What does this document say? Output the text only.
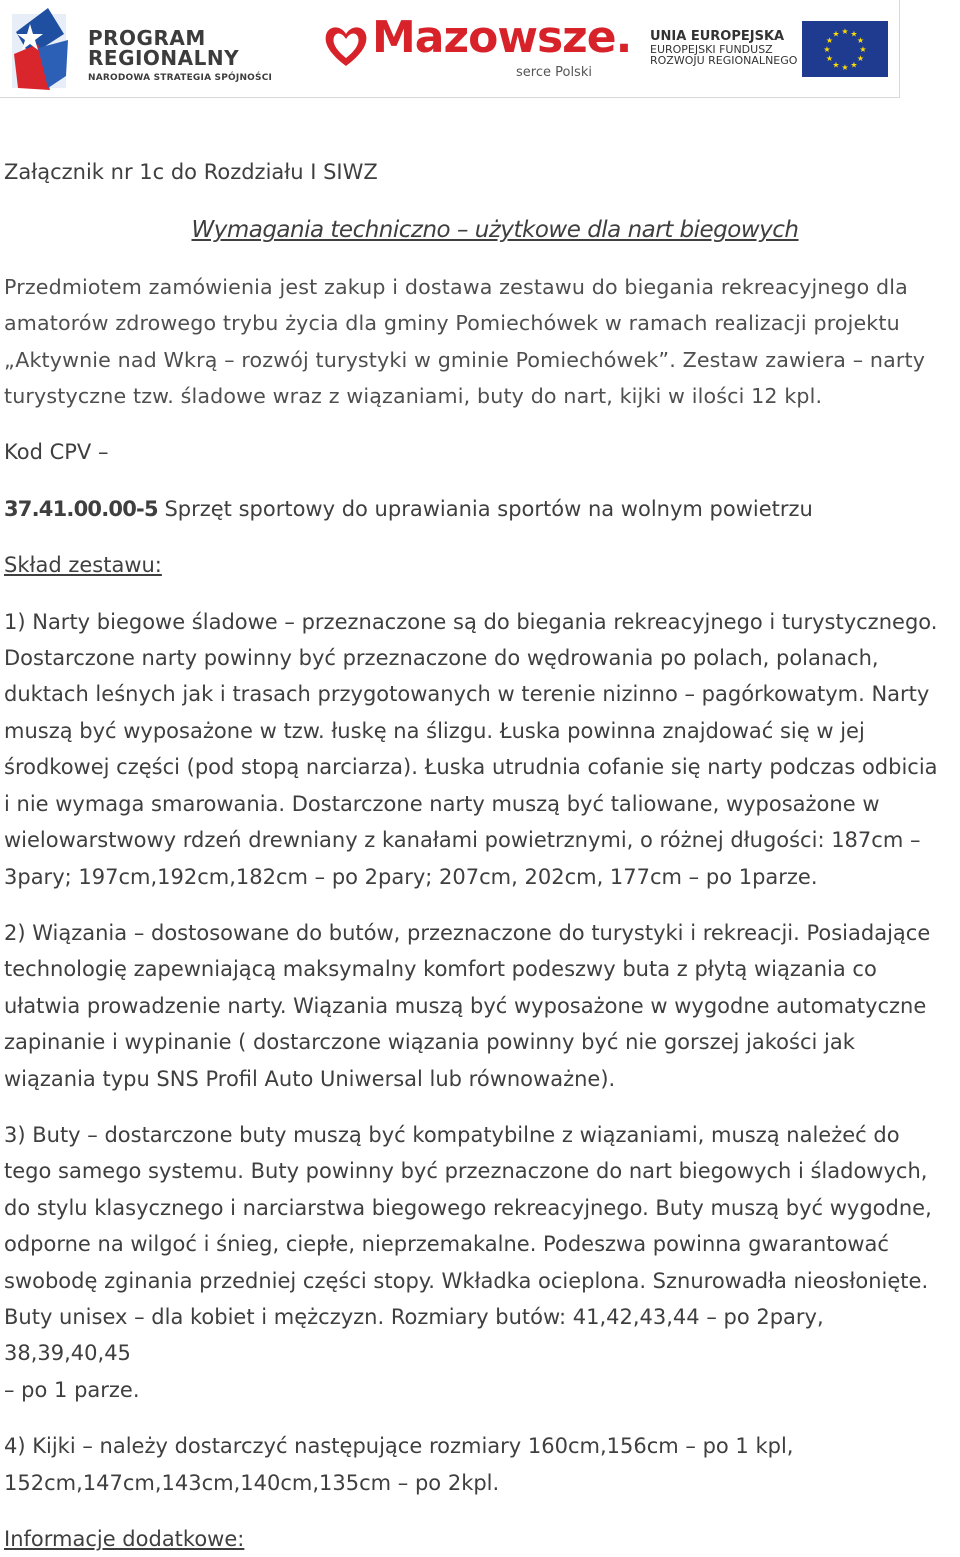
PROGRAM
REGIONALNY
NARODOWA STRATEGIA SPÓJNOŚCI
Mazowsze.
serce Polski
UNIA EUROPEJSKA
EUROPEJSKI FUNDUSZ
ROZWOJU REGIONALNEGO
★ ★
★
★
★
★
★
★
★
★
★
★

Załącznik nr 1c do Rozdziału I SIWZ

Wymagania techniczno – użytkowe dla nart biegowych

Przedmiotem zamówienia jest zakup i dostawa zestawu do biegania rekreacyjnego dla
amatorów zdrowego trybu życia dla gminy Pomiechówek w ramach realizacji projektu
„Aktywnie nad Wkrą – rozwój turystyki w gminie Pomiechówek”. Zestaw zawiera – narty
turystyczne tzw. śladowe wraz z wiązaniami, buty do nart, kijki w ilości 12 kpl.

Kod CPV –

37.41.00.00-5 Sprzęt sportowy do uprawiania sportów na wolnym powietrzu

Skład zestawu:

1) Narty biegowe śladowe – przeznaczone są do biegania rekreacyjnego i turystycznego.
Dostarczone narty powinny być przeznaczone do wędrowania po polach, polanach,
duktach leśnych jak i trasach przygotowanych w terenie nizinno – pagórkowatym. Narty
muszą być wyposażone w tzw. łuskę na ślizgu. Łuska powinna znajdować się w jej
środkowej części (pod stopą narciarza). Łuska utrudnia cofanie się narty podczas odbicia
i nie wymaga smarowania. Dostarczone narty muszą być taliowane, wyposażone w
wielowarstwowy rdzeń drewniany z kanałami powietrznymi, o różnej długości: 187cm –
3pary; 197cm,192cm,182cm – po 2pary; 207cm, 202cm, 177cm – po 1parze.
2) Wiązania – dostosowane do butów, przeznaczone do turystyki i rekreacji. Posiadające
technologię zapewniającą maksymalny komfort podeszwy buta z płytą wiązania co
ułatwia prowadzenie narty. Wiązania muszą być wyposażone w wygodne automatyczne
zapinanie i wypinanie ( dostarczone wiązania powinny być nie gorszej jakości jak
wiązania typu SNS Profil Auto Uniwersal lub równoważne).
3) Buty – dostarczone buty muszą być kompatybilne z wiązaniami, muszą należeć do
tego samego systemu. Buty powinny być przeznaczone do nart biegowych i śladowych,
do stylu klasycznego i narciarstwa biegowego rekreacyjnego. Buty muszą być wygodne,
odporne na wilgoć i śnieg, ciepłe, nieprzemakalne. Podeszwa powinna gwarantować
swobodę zginania przedniej części stopy. Wkładka ocieplona. Sznurowadła nieosłonięte.
Buty unisex – dla kobiet i mężczyzn. Rozmiary butów: 41,42,43,44 – po 2pary, 38,39,40,45
– po 1 parze.
4) Kijki – należy dostarczyć następujące rozmiary 160cm,156cm – po 1 kpl,
152cm,147cm,143cm,140cm,135cm – po 2kpl.

Informacje dodatkowe:
